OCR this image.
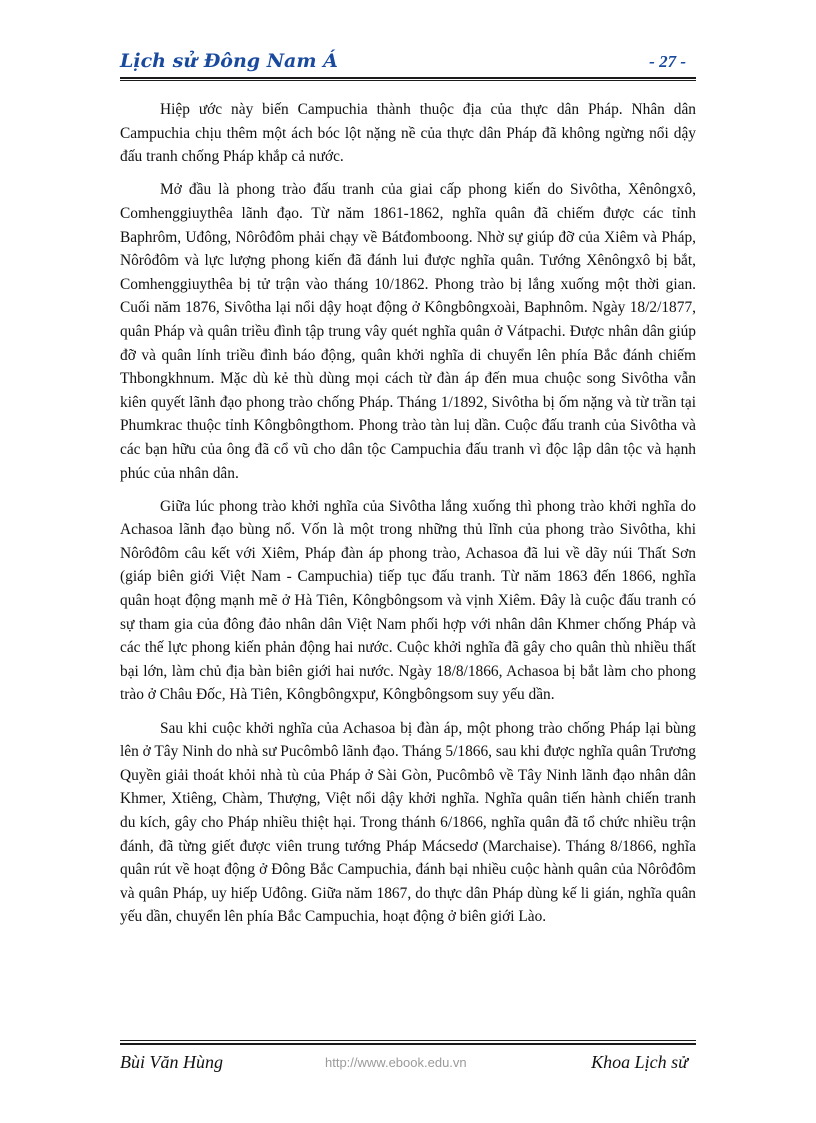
Lịch sử Đông Nam Á	- 27 -

Hiệp ước này biến Campuchia thành thuộc địa của thực dân Pháp. Nhân dân Campuchia chịu thêm một ách bóc lột nặng nề của thực dân Pháp đã không ngừng nổi dậy đấu tranh chống Pháp khắp cả nước.

Mở đầu là phong trào đấu tranh của giai cấp phong kiến do Sivôtha, Xênôngxô, Comhenggiuythêa lãnh đạo. Từ năm 1861-1862, nghĩa quân đã chiếm được các tỉnh Baphrôm, Uđông, Nôrôđôm phải chạy về Bátđomboong. Nhờ sự giúp đỡ của Xiêm và Pháp, Nôrôđôm và lực lượng phong kiến đã đánh lui được nghĩa quân. Tướng Xênôngxô bị bắt, Comhenggiuythêa bị tử trận vào tháng 10/1862. Phong trào bị lắng xuống một thời gian. Cuối năm 1876, Sivôtha lại nổi dậy hoạt động ở Kôngbôngxoài, Baphnôm. Ngày 18/2/1877, quân Pháp và quân triều đình tập trung vây quét nghĩa quân ở Vátpachi. Được nhân dân giúp đỡ và quân lính triều đình báo động, quân khởi nghĩa di chuyển lên phía Bắc đánh chiếm Thbongkhnum. Mặc dù kẻ thù dùng mọi cách từ đàn áp đến mua chuộc song Sivôtha vẫn kiên quyết lãnh đạo phong trào chống Pháp. Tháng 1/1892, Sivôtha bị ốm nặng và từ trần tại Phumkrac thuộc tỉnh Kôngbôngthom. Phong trào tàn luị dần. Cuộc đấu tranh của Sivôtha và các bạn hữu của ông đã cổ vũ cho dân tộc Campuchia đấu tranh vì độc lập dân tộc và hạnh phúc của nhân dân.

Giữa lúc phong trào khởi nghĩa của Sivôtha lắng xuống thì phong trào khởi nghĩa do Achasoa lãnh đạo bùng nổ. Vốn là một trong những thủ lĩnh của phong trào Sivôtha, khi Nôrôđôm câu kết với Xiêm, Pháp đàn áp phong trào, Achasoa đã lui về dãy núi Thất Sơn (giáp biên giới Việt Nam - Campuchia) tiếp tục đấu tranh. Từ năm 1863 đến 1866, nghĩa quân hoạt động mạnh mẽ ở Hà Tiên, Kôngbôngsom và vịnh Xiêm. Đây là cuộc đấu tranh có sự tham gia của đông đảo nhân dân Việt Nam phối hợp với nhân dân Khmer chống Pháp và các thế lực phong kiến phản động hai nước. Cuộc khởi nghĩa đã gây cho quân thù nhiều thất bại lớn, làm chủ địa bàn biên giới hai nước. Ngày 18/8/1866, Achasoa bị bắt làm cho phong trào ở Châu Đốc, Hà Tiên, Kôngbôngxpư, Kôngbôngsom suy yếu dần.

Sau khi cuộc khởi nghĩa của Achasoa bị đàn áp, một phong trào chống Pháp lại bùng lên ở Tây Ninh do nhà sư Pucômbô lãnh đạo. Tháng 5/1866, sau khi được nghĩa quân Trương Quyền giải thoát khỏi nhà tù của Pháp ở Sài Gòn, Pucômbô về Tây Ninh lãnh đạo nhân dân Khmer, Xtiêng, Chàm, Thượng, Việt nổi dậy khởi nghĩa. Nghĩa quân tiến hành chiến tranh du kích, gây cho Pháp nhiều thiệt hại. Trong thánh 6/1866, nghĩa quân đã tổ chức nhiều trận đánh, đã từng giết được viên trung tướng Pháp Mácsedơ (Marchaise). Tháng 8/1866, nghĩa quân rút về hoạt động ở Đông Bắc Campuchia, đánh bại nhiều cuộc hành quân của Nôrôđôm và quân Pháp, uy hiếp Uđông. Giữa năm 1867, do thực dân Pháp dùng kế li gián, nghĩa quân yếu dần, chuyển lên phía Bắc Campuchia, hoạt động ở biên giới Lào.

Bùi Văn Hùng	http://www.ebook.edu.vn	Khoa Lịch sử
